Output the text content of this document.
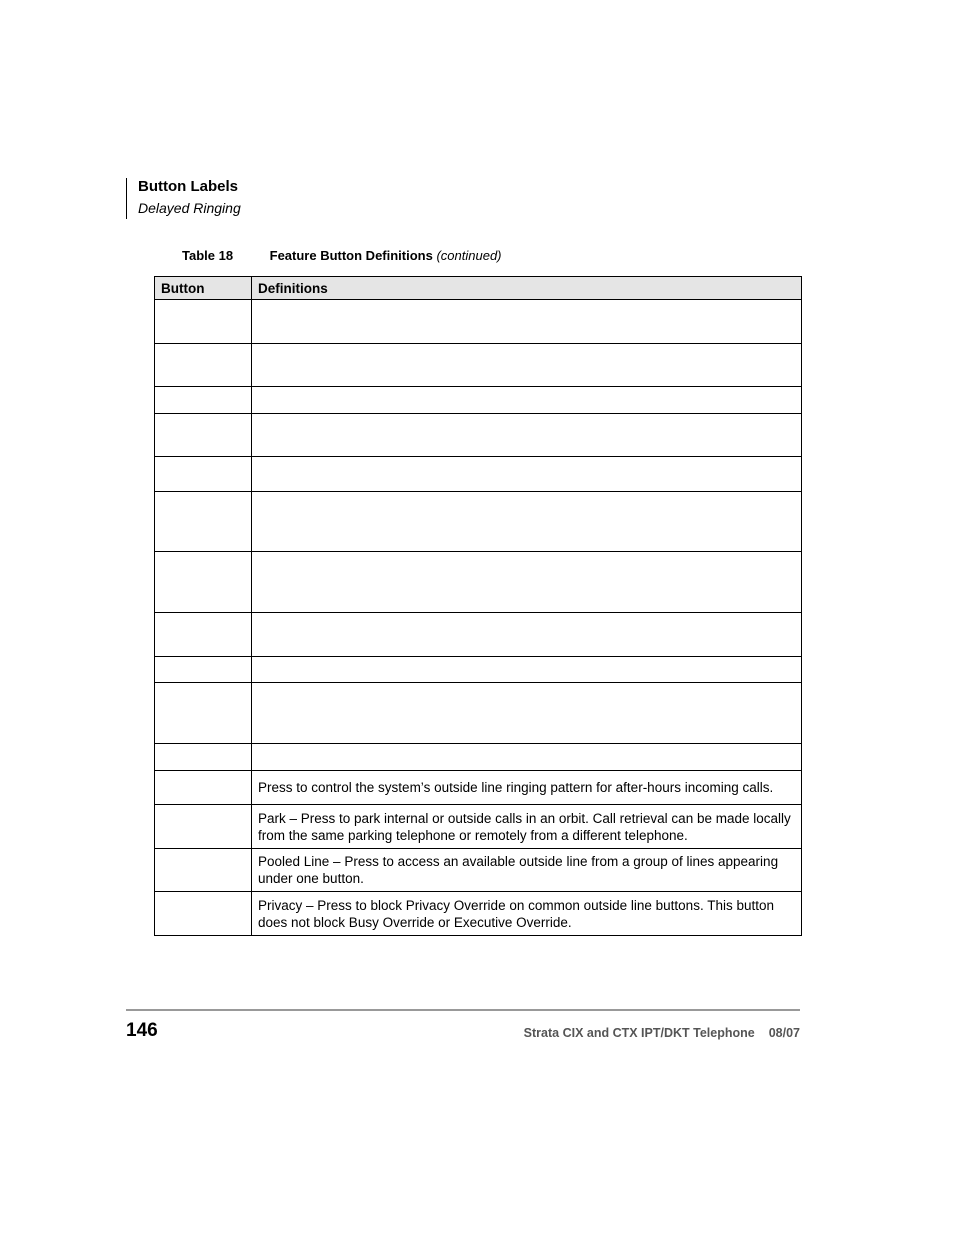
Button Labels
Delayed Ringing
Table 18	Feature Button Definitions (continued)
Button	Definitions

	Press to control the system’s outside line ringing pattern for after-hours incoming calls.
	Park – Press to park internal or outside calls in an orbit. Call retrieval can be made locally from the same parking telephone or remotely from a different telephone.
	Pooled Line – Press to access an available outside line from a group of lines appearing under one button.
	Privacy – Press to block Privacy Override on common outside line buttons. This button does not block Busy Override or Executive Override.
146	Strata CIX and CTX IPT/DKT Telephone 08/07
